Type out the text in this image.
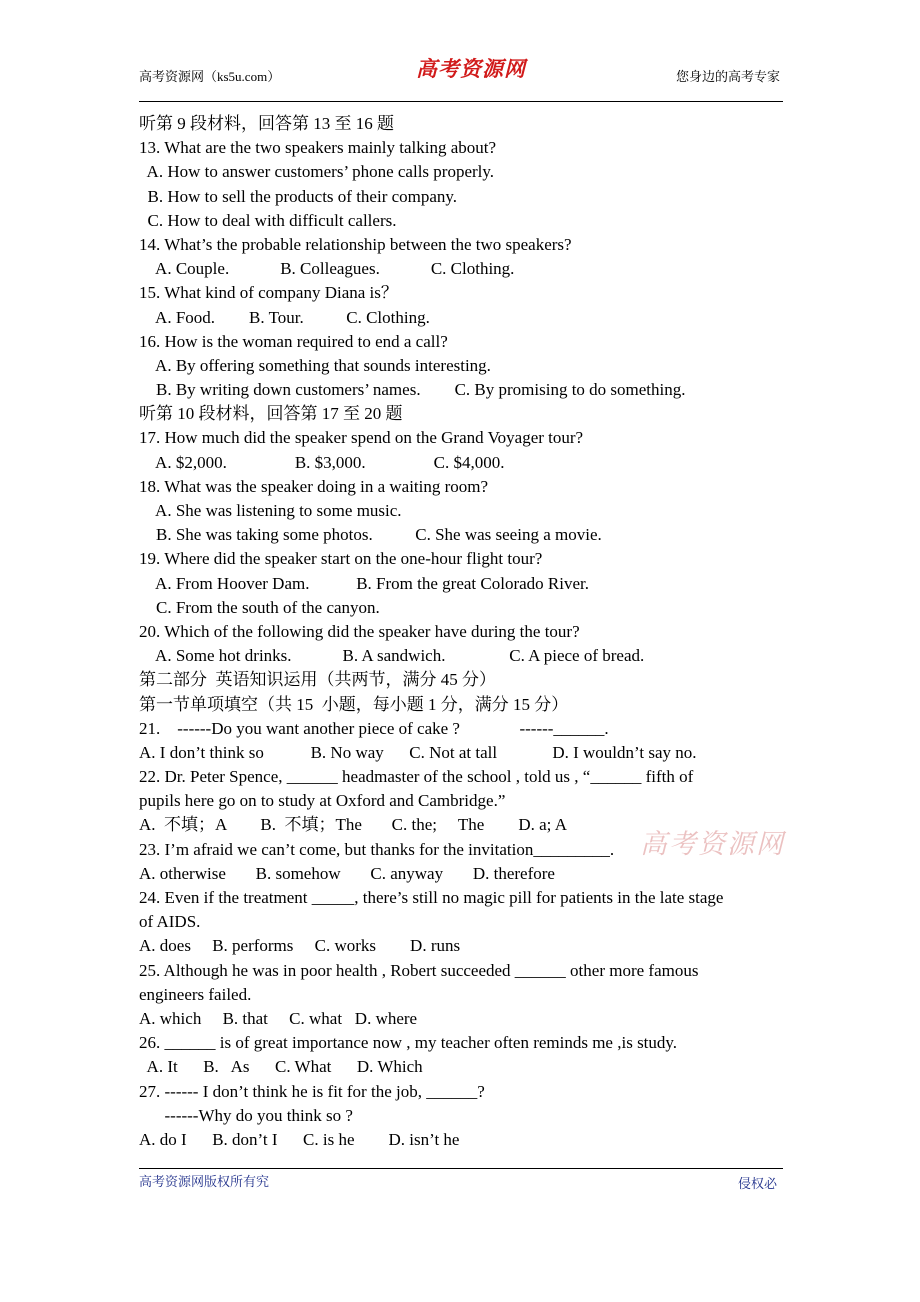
高考资源网（ks5u.com）	高考资源网	您身边的高考专家
听第 9 段材料，回答第 13 至 16 题
13. What are the two speakers mainly talking about?
A. How to answer customers’ phone calls properly.
B. How to sell the products of their company.
C. How to deal with difficult callers.
14. What’s the probable relationship between the two speakers?
A. Couple.            B. Colleagues.            C. Clothing.
15. What kind of company Diana is？
A. Food.        B. Tour.          C. Clothing.
16. How is the woman required to end a call?
A. By offering something that sounds interesting.
B. By writing down customers’ names.        C. By promising to do something.
听第 10 段材料，回答第 17 至 20 题
17. How much did the speaker spend on the Grand Voyager tour?
A. $2,000.                B. $3,000.                C. $4,000.
18. What was the speaker doing in a waiting room?
A. She was listening to some music.
B. She was taking some photos.          C. She was seeing a movie.
19. Where did the speaker start on the one-hour flight tour?
A. From Hoover Dam.           B. From the great Colorado River.
C. From the south of the canyon.
20. Which of the following did the speaker have during the tour?
A. Some hot drinks.            B. A sandwich.               C. A piece of bread.
第二部分  英语知识运用（共两节，满分 45 分）
第一节单项填空（共 15  小题，每小题 1 分，满分 15 分）
21.    ------Do you want another piece of cake ?              ------______.
A. I don’t think so           B. No way      C. Not at tall             D. I wouldn’t say no.
22. Dr. Peter Spence, ______ headmaster of the school , told us , “______ fifth of
pupils here go on to study at Oxford and Cambridge.”
A.  不填；A        B.  不填；The       C. the;     The        D. a; A
23. I’m afraid we can’t come, but thanks for the invitation_________.
A. otherwise       B. somehow       C. anyway       D. therefore
24. Even if the treatment _____, there’s still no magic pill for patients in the late stage
of AIDS.
A. does     B. performs     C. works        D. runs
25. Although he was in poor health , Robert succeeded ______ other more famous
engineers failed.
A. which     B. that     C. what   D. where
26. ______ is of great importance now , my teacher often reminds me ,is study.
A. It      B.   As      C. What      D. Which
27. ------ I don’t think he is fit for the job, ______?
------Why do you think so ?
A. do I      B. don’t I      C. is he        D. isn’t he
高考资源网
高考资源网版权所有究	侵权必
